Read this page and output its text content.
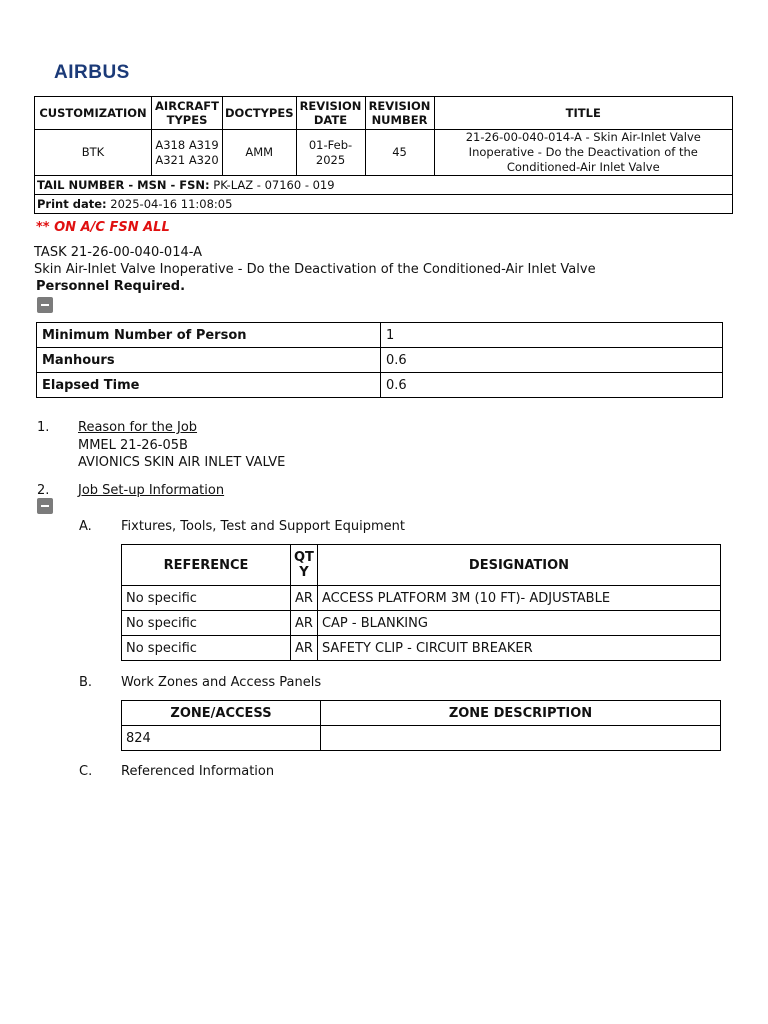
AIRBUS
CUSTOMIZATION	AIRCRAFT TYPES	DOCTYPES	REVISION DATE	REVISION NUMBER	TITLE
BTK	A318 A319 A321 A320	AMM	01-Feb-2025	45	21-26-00-040-014-A - Skin Air-Inlet Valve Inoperative - Do the Deactivation of the Conditioned-Air Inlet Valve
TAIL NUMBER - MSN - FSN: PK-LAZ - 07160 - 019					
Print date: 2025-04-16 11:08:05					
** ON A/C FSN ALL
TASK 21-26-00-040-014-A
Skin Air-Inlet Valve Inoperative - Do the Deactivation of the Conditioned-Air Inlet Valve
Personnel Required.
Minimum Number of Person	1
Manhours	0.6
Elapsed Time	0.6
1. Reason for the Job
MMEL 21-26-05B
AVIONICS SKIN AIR INLET VALVE
2. Job Set-up Information
A. Fixtures, Tools, Test and Support Equipment
REFERENCE	QTY	DESIGNATION
No specific	AR	ACCESS PLATFORM 3M (10 FT)- ADJUSTABLE
No specific	AR	CAP - BLANKING
No specific	AR	SAFETY CLIP - CIRCUIT BREAKER
B. Work Zones and Access Panels
ZONE/ACCESS	ZONE DESCRIPTION
824	
C. Referenced Information
